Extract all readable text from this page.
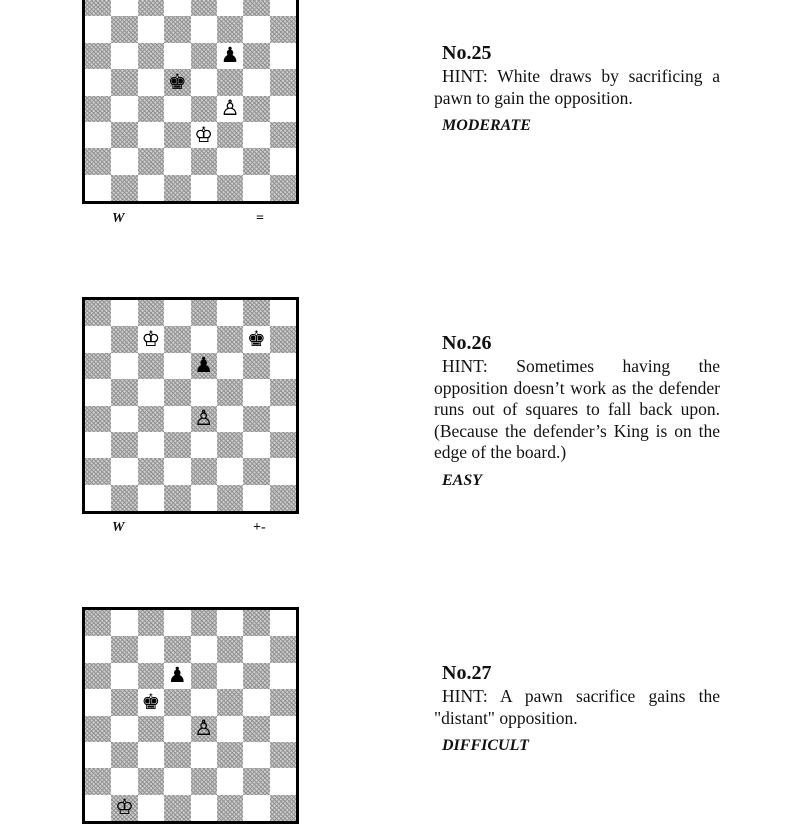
♟
♚
♙
♔
W	=
No.25

HINT: White draws by sacrificing a pawn to gain the opposition.

MODERATE
♔	♚
♟
♙
W	+-
No.26

HINT: Sometimes having the opposition doesn’t work as the defender runs out of squares to fall back upon. (Because the defender’s King is on the edge of the board.)

EASY
♟
♚
♙
♔
No.27

HINT: A pawn sacrifice gains the "distant" opposition.

DIFFICULT
